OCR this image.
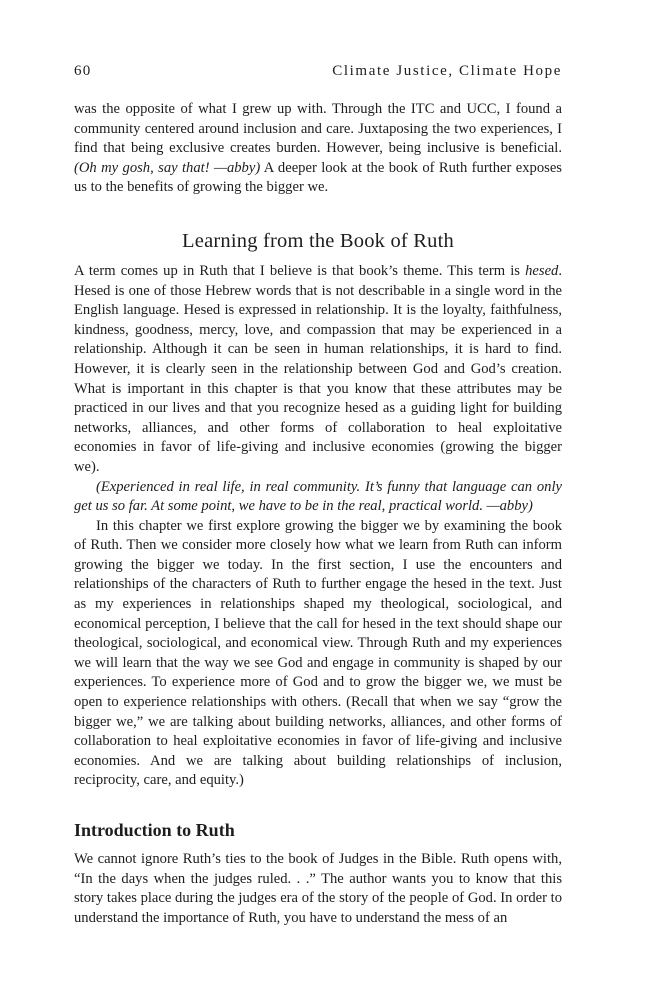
60	Climate Justice, Climate Hope

was the opposite of what I grew up with. Through the ITC and UCC, I found a community centered around inclusion and care. Juxtaposing the two experiences, I find that being exclusive creates burden. However, being inclusive is beneficial. (Oh my gosh, say that! —abby) A deeper look at the book of Ruth further exposes us to the benefits of growing the bigger we.

Learning from the Book of Ruth

A term comes up in Ruth that I believe is that book’s theme. This term is hesed. Hesed is one of those Hebrew words that is not describable in a single word in the English language. Hesed is expressed in relationship. It is the loyalty, faithfulness, kindness, goodness, mercy, love, and compassion that may be experienced in a relationship. Although it can be seen in human relationships, it is hard to find. However, it is clearly seen in the relationship between God and God’s creation. What is important in this chapter is that you know that these attributes may be practiced in our lives and that you recognize hesed as a guiding light for building networks, alliances, and other forms of collaboration to heal exploitative economies in favor of life-giving and inclusive economies (growing the bigger we).

(Experienced in real life, in real community. It’s funny that language can only get us so far. At some point, we have to be in the real, practical world. —abby)

In this chapter we first explore growing the bigger we by examining the book of Ruth. Then we consider more closely how what we learn from Ruth can inform growing the bigger we today. In the first section, I use the encounters and relationships of the characters of Ruth to further engage the hesed in the text. Just as my experiences in relationships shaped my theological, sociological, and economical perception, I believe that the call for hesed in the text should shape our theological, sociological, and economical view. Through Ruth and my experiences we will learn that the way we see God and engage in community is shaped by our experiences. To experience more of God and to grow the bigger we, we must be open to experience relationships with others. (Recall that when we say “grow the bigger we,” we are talking about building networks, alliances, and other forms of collaboration to heal exploitative economies in favor of life-giving and inclusive economies. And we are talking about building relationships of inclusion, reciprocity, care, and equity.)

Introduction to Ruth

We cannot ignore Ruth’s ties to the book of Judges in the Bible. Ruth opens with, “In the days when the judges ruled. . .” The author wants you to know that this story takes place during the judges era of the story of the people of God. In order to understand the importance of Ruth, you have to understand the mess of an
